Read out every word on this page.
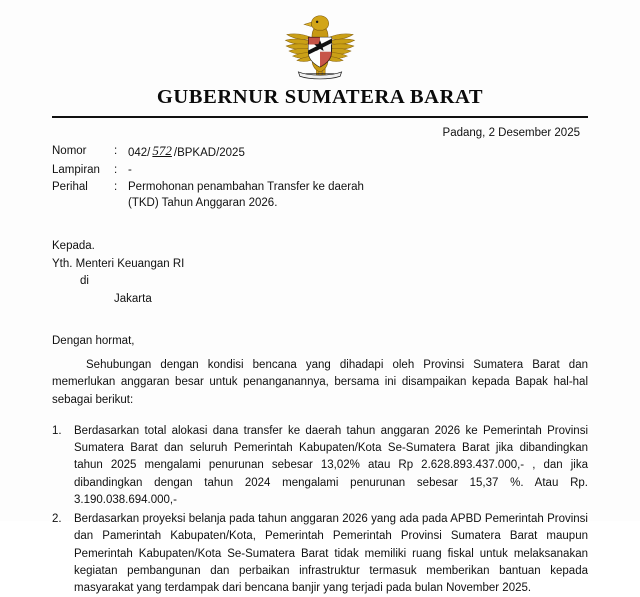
GUBERNUR SUMATERA BARAT
Padang, 2 Desember 2025
Nomor	: 042/ 572 /BPKAD/2025
Lampiran	: -
Perihal	: Permohonan penambahan Transfer ke daerah
(TKD) Tahun Anggaran 2026.
Kepada.
Yth. Menteri Keuangan RI
di
Jakarta
Dengan hormat,
Sehubungan dengan kondisi bencana yang dihadapi oleh Provinsi Sumatera Barat dan memerlukan anggaran besar untuk penanganannya, bersama ini disampaikan kepada Bapak hal-hal sebagai berikut:
1.	Berdasarkan total alokasi dana transfer ke daerah tahun anggaran 2026 ke Pemerintah Provinsi Sumatera Barat dan seluruh Pemerintah Kabupaten/Kota Se-Sumatera Barat jika dibandingkan tahun 2025 mengalami penurunan sebesar 13,02% atau Rp 2.628.893.437.000,- , dan jika dibandingkan dengan tahun 2024 mengalami penurunan sebesar 15,37 %. Atau Rp. 3.190.038.694.000,-
2.	Berdasarkan proyeksi belanja pada tahun anggaran 2026 yang ada pada APBD Pemerintah Provinsi dan Pamerintah Kabupaten/Kota, Pemerintah Pemerintah Provinsi Sumatera Barat maupun Pemerintah Kabupaten/Kota Se-Sumatera Barat tidak memiliki ruang fiskal untuk melaksanakan kegiatan pembangunan dan perbaikan infrastruktur termasuk memberikan bantuan kepada masyarakat yang terdampak dari bencana banjir yang terjadi pada bulan November 2025.
